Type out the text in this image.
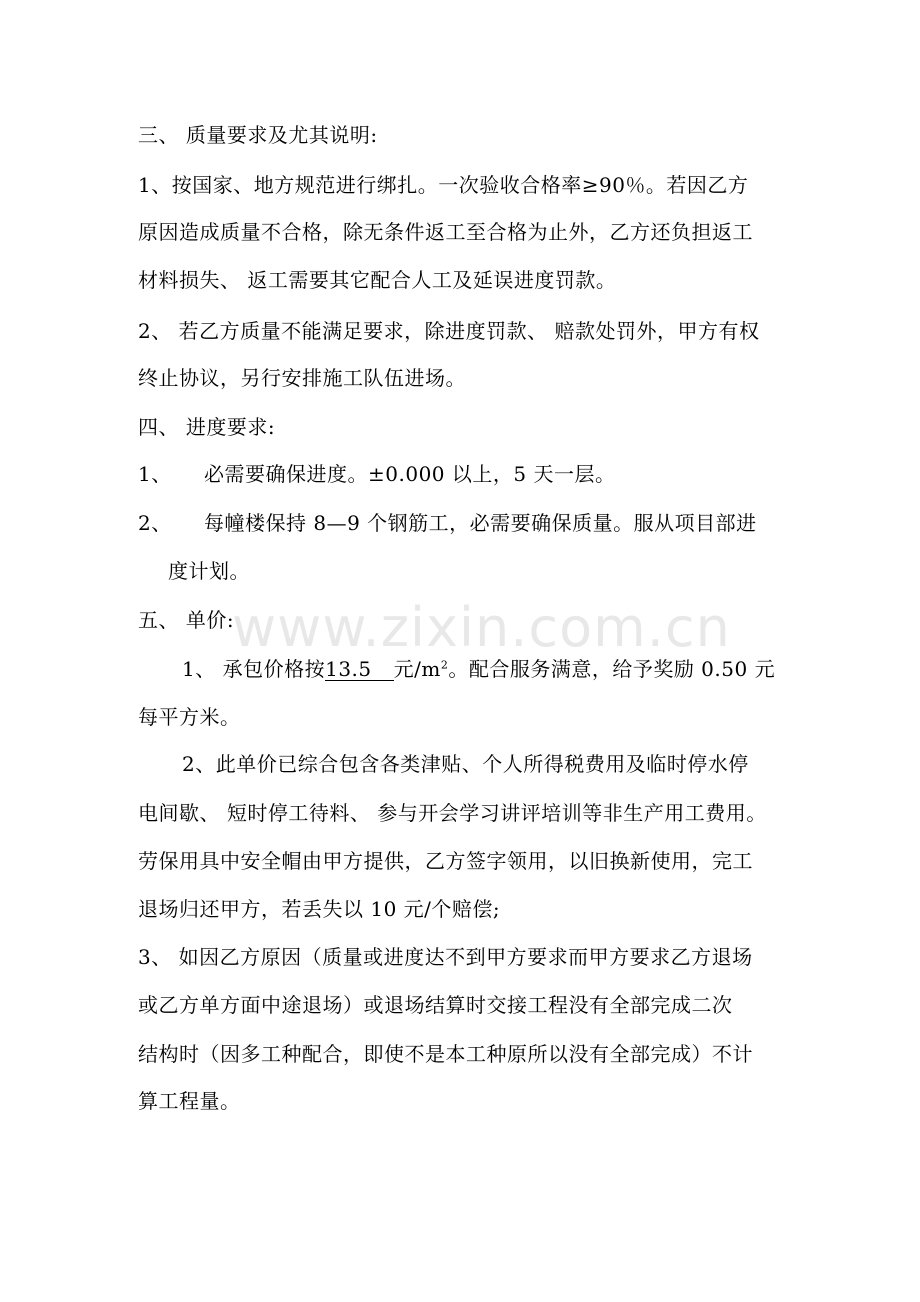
三、 质量要求及尤其说明:
1、按国家、地方规范进行绑扎。一次验收合格率≥90％。若因乙方
原因造成质量不合格，除无条件返工至合格为止外，乙方还负担返工
材料损失、 返工需要其它配合人工及延误进度罚款。
2、 若乙方质量不能满足要求，除进度罚款、 赔款处罚外，甲方有权
终止协议，另行安排施工队伍进场。
四、 进度要求:
1、 必需要确保进度。±0.000 以上，5 天一层。
2、 每幢楼保持 8—9 个钢筋工，必需要确保质量。服从项目部进
度计划。
五、 单价:
1、 承包价格按13.5 元$/m^2$。配合服务满意，给予奖励 0.50 元
每平方米。
2、此单价已综合包含各类津贴、个人所得税费用及临时停水停
电间歇、 短时停工待料、 参与开会学习讲评培训等非生产用工费用。
劳保用具中安全帽由甲方提供，乙方签字领用，以旧换新使用，完工
退场归还甲方，若丢失以 10 元/个赔偿;
3、 如因乙方原因（质量或进度达不到甲方要求而甲方要求乙方退场
或乙方单方面中途退场）或退场结算时交接工程没有全部完成二次
结构时（因多工种配合，即使不是本工种原所以没有全部完成）不计
算工程量。
www.zixin.com.cn
